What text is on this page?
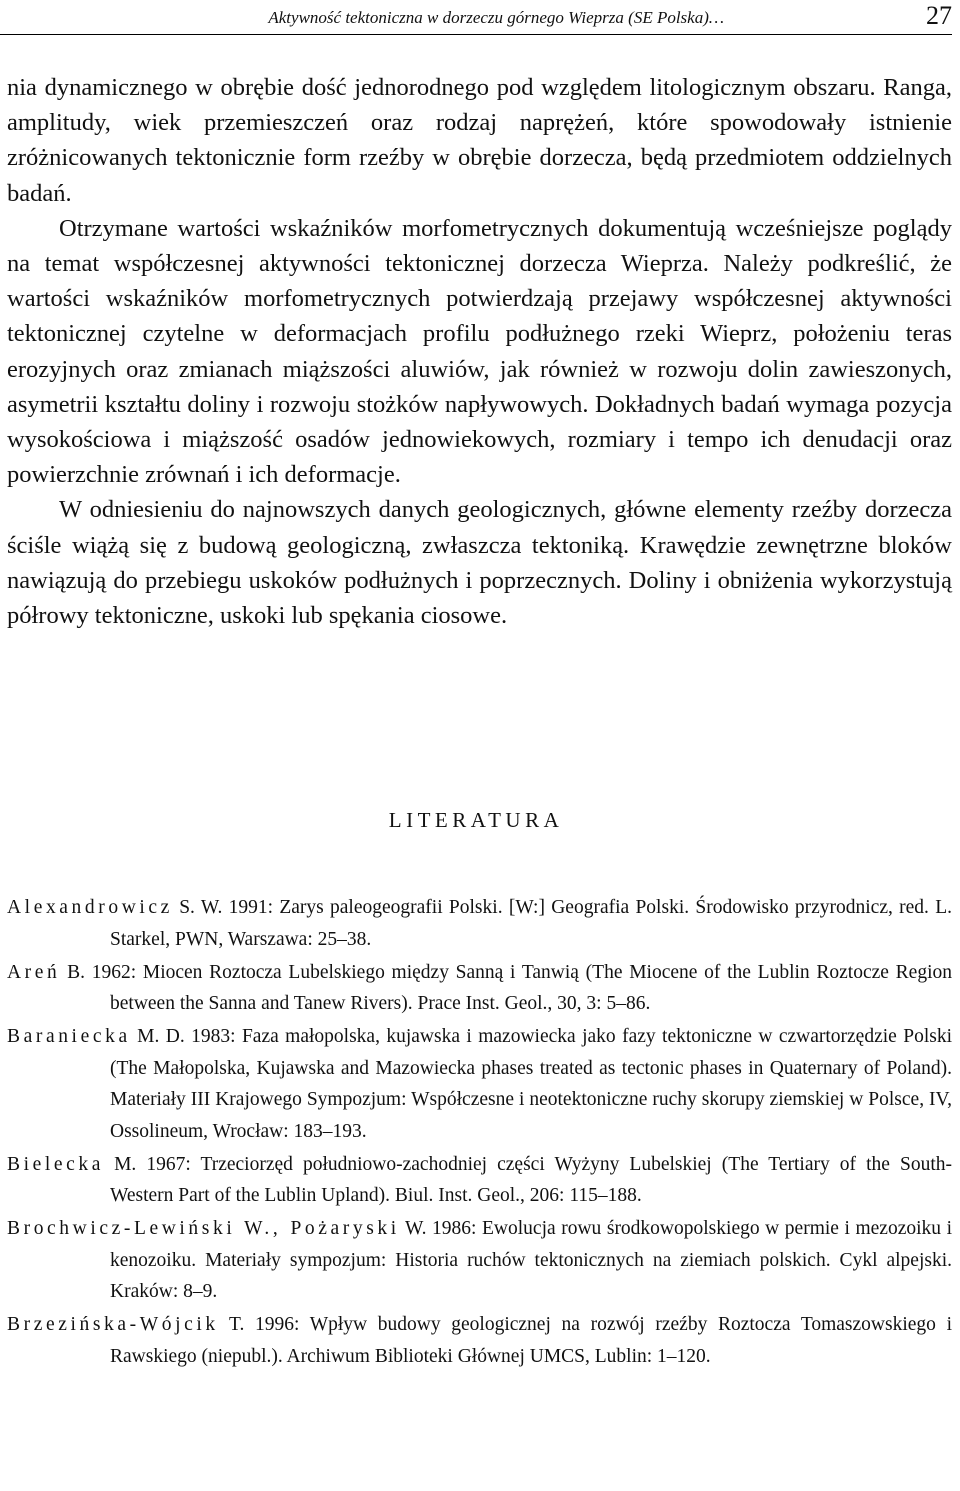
Aktywność tektoniczna w dorzeczu górnego Wieprza (SE Polska)…	27

nia dynamicznego w obrębie dość jednorodnego pod względem litologicznym obszaru. Ranga, amplitudy, wiek przemieszczeń oraz rodzaj naprężeń, które spowodowały istnienie zróżnicowanych tektonicznie form rzeźby w obrębie dorzecza, będą przedmiotem oddzielnych badań.

Otrzymane wartości wskaźników morfometrycznych dokumentują wcześniejsze poglądy na temat współczesnej aktywności tektonicznej dorzecza Wieprza. Należy podkreślić, że wartości wskaźników morfometrycznych potwierdzają przejawy współczesnej aktywności tektonicznej czytelne w deformacjach profilu podłużnego rzeki Wieprz, położeniu teras erozyjnych oraz zmianach miąższości aluwiów, jak również w rozwoju dolin zawieszonych, asymetrii kształtu doliny i rozwoju stożków napływowych. Dokładnych badań wymaga pozycja wysokościowa i miąższość osadów jednowiekowych, rozmiary i tempo ich denudacji oraz powierzchnie zrównań i ich deformacje.

W odniesieniu do najnowszych danych geologicznych, główne elementy rzeźby dorzecza ściśle wiążą się z budową geologiczną, zwłaszcza tektoniką. Krawędzie zewnętrzne bloków nawiązują do przebiegu uskoków podłużnych i poprzecznych. Doliny i obniżenia wykorzystują półrowy tektoniczne, uskoki lub spękania ciosowe.

LITERATURA

Alexandrowicz S. W. 1991: Zarys paleogeografii Polski. [W:] Geografia Polski. Środowisko przyrodnicz, red. L. Starkel, PWN, Warszawa: 25–38.

Areń B. 1962: Miocen Roztocza Lubelskiego między Sanną i Tanwią (The Miocene of the Lublin Roztocze Region between the Sanna and Tanew Rivers). Prace Inst. Geol., 30, 3: 5–86.

Baraniecka M. D. 1983: Faza małopolska, kujawska i mazowiecka jako fazy tektoniczne w czwartorzędzie Polski (The Małopolska, Kujawska and Mazowiecka phases treated as tectonic phases in Quaternary of Poland). Materiały III Krajowego Sympozjum: Współczesne i neotektoniczne ruchy skorupy ziemskiej w Polsce, IV, Ossolineum, Wrocław: 183–193.

Bielecka M. 1967: Trzeciorzęd południowo-zachodniej części Wyżyny Lubelskiej (The Tertiary of the South-Western Part of the Lublin Upland). Biul. Inst. Geol., 206: 115–188.

Brochwicz-Lewiński W., Pożaryski W. 1986: Ewolucja rowu środkowopolskiego w permie i mezozoiku i kenozoiku. Materiały sympozjum: Historia ruchów tektonicznych na ziemiach polskich. Cykl alpejski. Kraków: 8–9.

Brzezińska-Wójcik T. 1996: Wpływ budowy geologicznej na rozwój rzeźby Roztocza Tomaszowskiego i Rawskiego (niepubl.). Archiwum Biblioteki Głównej UMCS, Lublin: 1–120.
